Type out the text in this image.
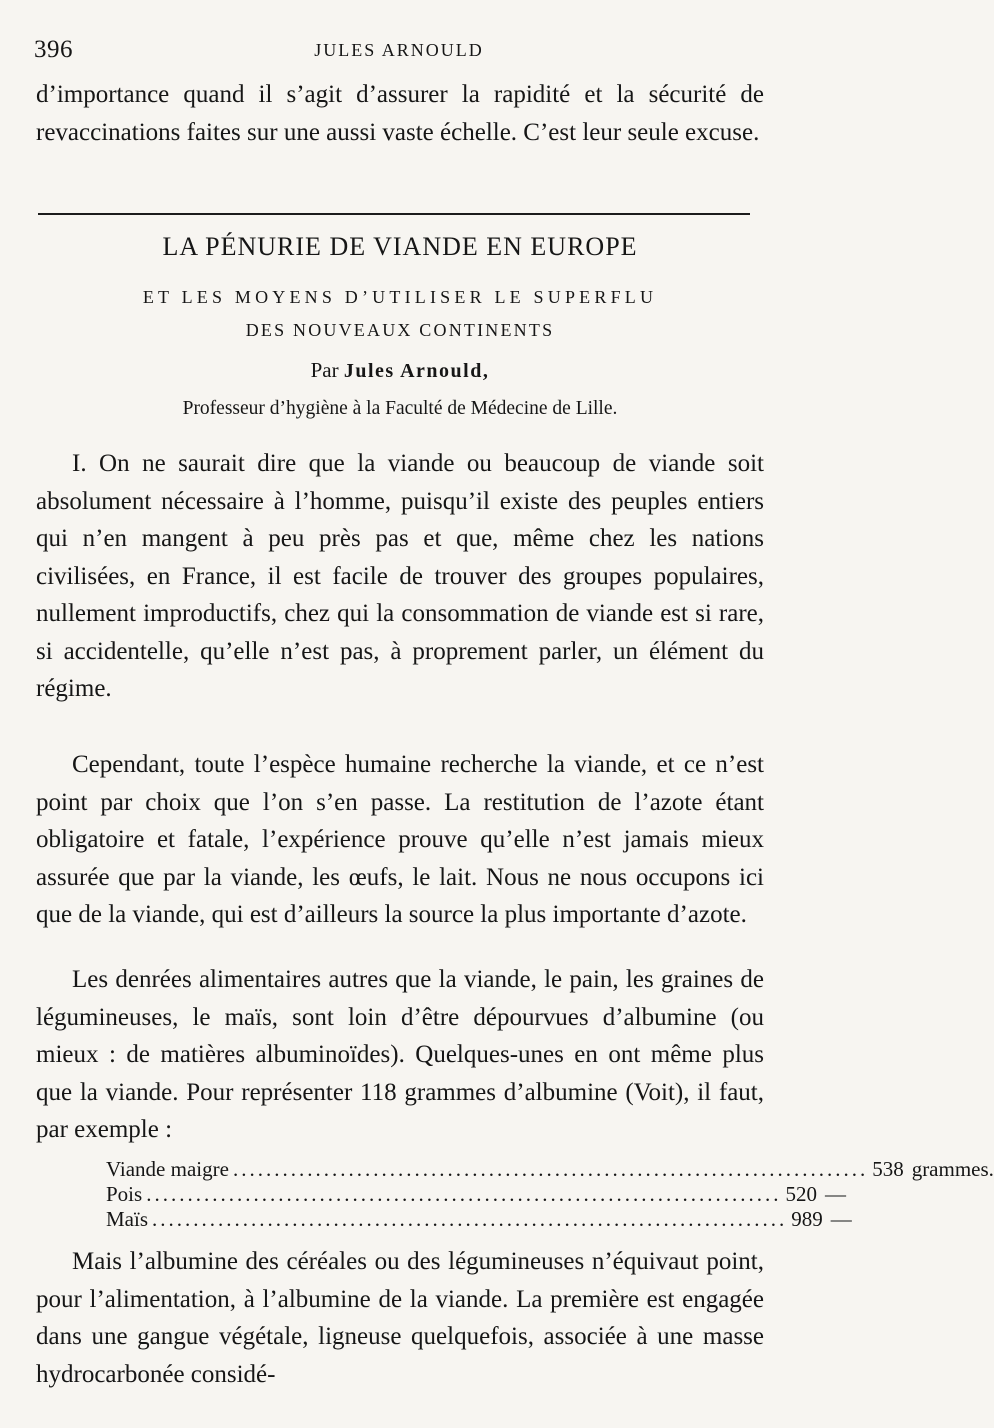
396	JULES ARNOULD

d’importance quand il s’agit d’assurer la rapidité et la sécurité de revaccinations faites sur une aussi vaste échelle. C’est leur seule excuse.

LA PÉNURIE DE VIANDE EN EUROPE
ET LES MOYENS D’UTILISER LE SUPERFLU
DES NOUVEAUX CONTINENTS
Par Jules Arnould,
Professeur d’hygiène à la Faculté de Médecine de Lille.

I. On ne saurait dire que la viande ou beaucoup de viande soit absolument nécessaire à l’homme, puisqu’il existe des peuples entiers qui n’en mangent à peu près pas et que, même chez les nations civilisées, en France, il est facile de trouver des groupes populaires, nullement improductifs, chez qui la consommation de viande est si rare, si accidentelle, qu’elle n’est pas, à proprement parler, un élément du régime.

Cependant, toute l’espèce humaine recherche la viande, et ce n’est point par choix que l’on s’en passe. La restitution de l’azote étant obligatoire et fatale, l’expérience prouve qu’elle n’est jamais mieux assurée que par la viande, les œufs, le lait. Nous ne nous occupons ici que de la viande, qui est d’ailleurs la source la plus importante d’azote.

Les denrées alimentaires autres que la viande, le pain, les graines de légumineuses, le maïs, sont loin d’être dépourvues d’albumine (ou mieux : de matières albuminoïdes). Quelques-unes en ont même plus que la viande. Pour représenter 118 grammes d’albumine (Voit), il faut, par exemple :

Viande maigre ............................................................................. 538 grammes.
Pois ............................................................................. 520 —
Maïs ............................................................................. 989 —

Mais l’albumine des céréales ou des légumineuses n’équivaut point, pour l’alimentation, à l’albumine de la viande. La première est engagée dans une gangue végétale, ligneuse quelquefois, associée à une masse hydrocarbonée considé-
